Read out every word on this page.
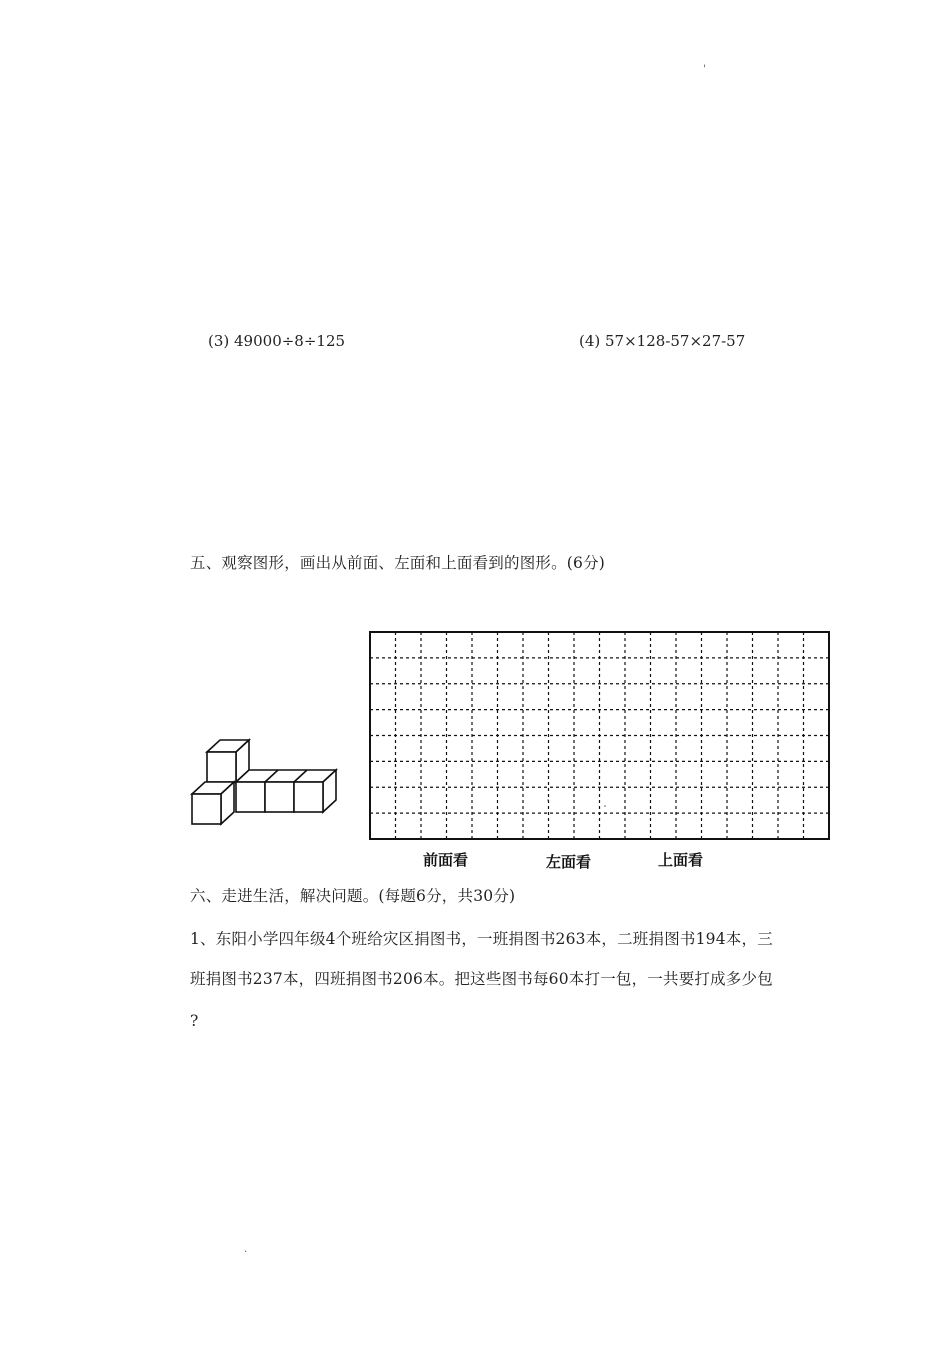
'
.
(3) 49000÷8÷125	(4) 57×128-57×27-57
五、观察图形，画出从前面、左面和上面看到的图形。(6分)
前面看	左面看	上面看
六、走进生活，解决问题。(每题6分，共30分)
1、东阳小学四年级4个班给灾区捐图书，一班捐图书263本，二班捐图书194本，三
班捐图书237本，四班捐图书206本。把这些图书每60本打一包，一共要打成多少包
?
